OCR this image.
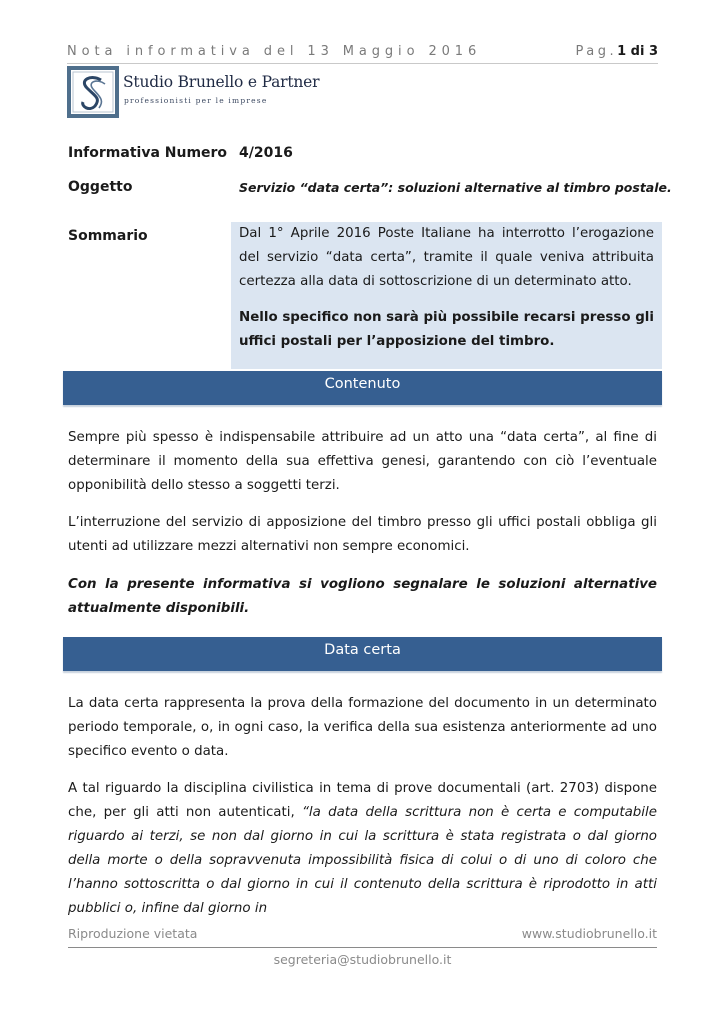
Nota informativa del 13 Maggio 2016	Pag.1 di 3
Studio Brunello e Partner
professionisti per le imprese
Informativa Numero 4/2016
Oggetto	Servizio “data certa”: soluzioni alternative al timbro postale.
Sommario	Dal 1° Aprile 2016 Poste Italiane ha interrotto l’erogazione del servizio “data certa”, tramite il quale veniva attribuita certezza alla data di sottoscrizione di un determinato atto.

Nello specifico non sarà più possibile recarsi presso gli uffici postali per l’apposizione del timbro.

Contenuto

Sempre più spesso è indispensabile attribuire ad un atto una “data certa”, al fine di determinare il momento della sua effettiva genesi, garantendo con ciò l’eventuale opponibilità dello stesso a soggetti terzi.

L’interruzione del servizio di apposizione del timbro presso gli uffici postali obbliga gli utenti ad utilizzare mezzi alternativi non sempre economici.

Con la presente informativa si vogliono segnalare le soluzioni alternative attualmente disponibili.

Data certa

La data certa rappresenta la prova della formazione del documento in un determinato periodo temporale, o, in ogni caso, la verifica della sua esistenza anteriormente ad uno specifico evento o data.

A tal riguardo la disciplina civilistica in tema di prove documentali (art. 2703) dispone che, per gli atti non autenticati, “la data della scrittura non è certa e computabile riguardo ai terzi, se non dal giorno in cui la scrittura è stata registrata o dal giorno della morte o della sopravvenuta impossibilità fisica di colui o di uno di coloro che l’hanno sottoscritta o dal giorno in cui il contenuto della scrittura è riprodotto in atti pubblici o, infine dal giorno in

Riproduzione vietata	www.studiobrunello.it
segreteria@studiobrunello.it
